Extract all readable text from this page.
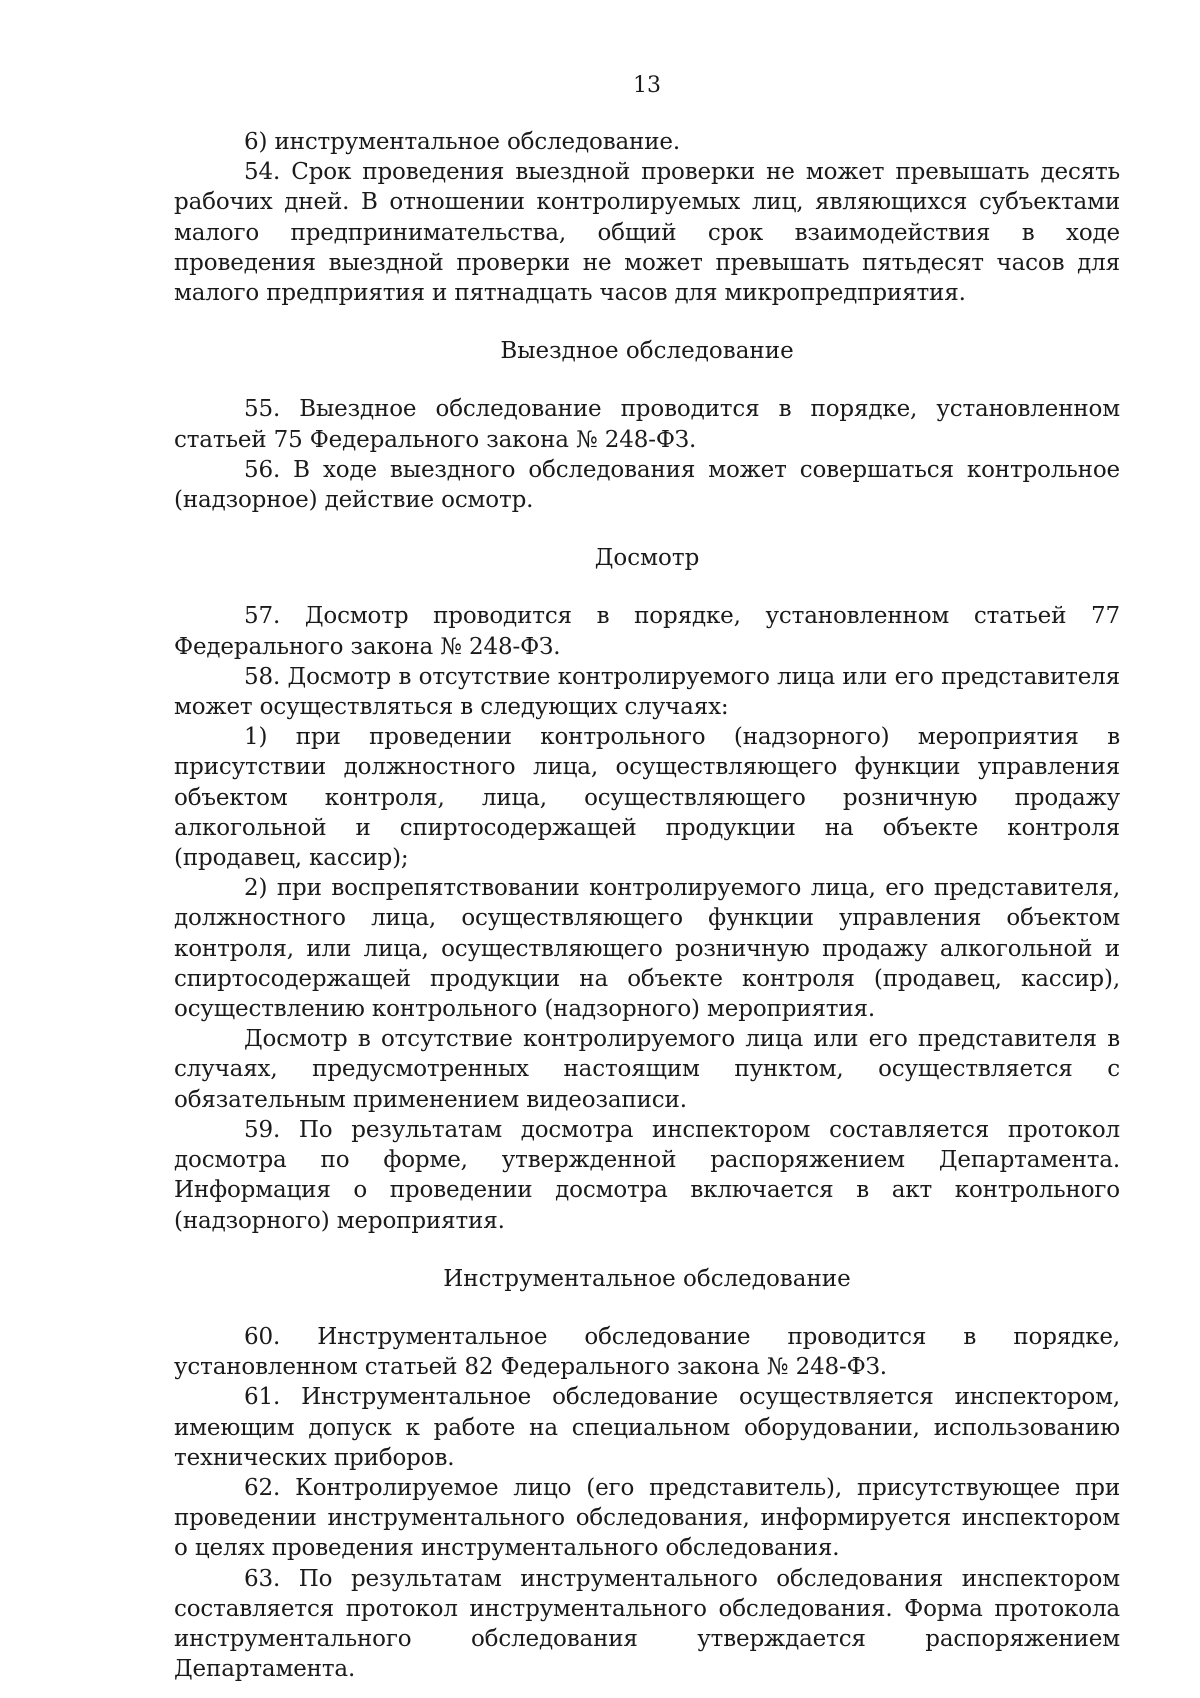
13

6) инструментальное обследование.

54. Срок проведения выездной проверки не может превышать десять рабочих дней. В отношении контролируемых лиц, являющихся субъектами малого предпринимательства, общий срок взаимодействия в ходе проведения выездной проверки не может превышать пятьдесят часов для малого предприятия и пятнадцать часов для микропредприятия.

Выездное обследование

55. Выездное обследование проводится в порядке, установленном статьей 75 Федерального закона № 248-ФЗ.

56. В ходе выездного обследования может совершаться контрольное (надзорное) действие осмотр.

Досмотр

57. Досмотр проводится в порядке, установленном статьей 77 Федерального закона № 248-ФЗ.

58. Досмотр в отсутствие контролируемого лица или его представителя может осуществляться в следующих случаях:

1) при проведении контрольного (надзорного) мероприятия в присутствии должностного лица, осуществляющего функции управления объектом контроля, лица, осуществляющего розничную продажу алкогольной и спиртосодержащей продукции на объекте контроля (продавец, кассир);

2) при воспрепятствовании контролируемого лица, его представителя, должностного лица, осуществляющего функции управления объектом контроля, или лица, осуществляющего розничную продажу алкогольной и спиртосодержащей продукции на объекте контроля (продавец, кассир), осуществлению контрольного (надзорного) мероприятия.

Досмотр в отсутствие контролируемого лица или его представителя в случаях, предусмотренных настоящим пунктом, осуществляется с обязательным применением видеозаписи.

59. По результатам досмотра инспектором составляется протокол досмотра по форме, утвержденной распоряжением Департамента. Информация о проведении досмотра включается в акт контрольного (надзорного) мероприятия.

Инструментальное обследование

60. Инструментальное обследование проводится в порядке, установленном статьей 82 Федерального закона № 248-ФЗ.

61. Инструментальное обследование осуществляется инспектором, имеющим допуск к работе на специальном оборудовании, использованию технических приборов.

62. Контролируемое лицо (его представитель), присутствующее при проведении инструментального обследования, информируется инспектором о целях проведения инструментального обследования.

63. По результатам инструментального обследования инспектором составляется протокол инструментального обследования. Форма протокола инструментального обследования утверждается распоряжением Департамента.
